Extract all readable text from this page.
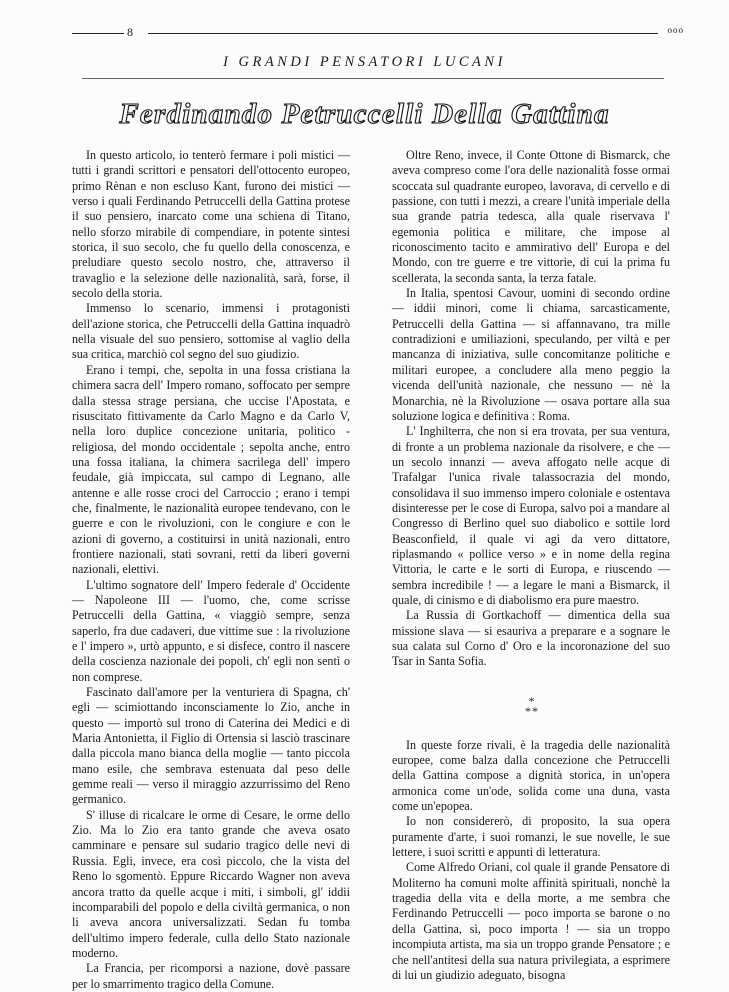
8	ooo
I GRANDI PENSATORI LUCANI
Ferdinando Petruccelli Della Gattina

In questo articolo, io tenterò fermare i poli mistici — tutti i grandi scrittori e pensatori dell'ottocento europeo, primo Rènan e non escluso Kant, furono dei mistici — verso i quali Ferdinando Petruccelli della Gattina protese il suo pensiero, inarcato come una schiena di Titano, nello sforzo mirabile di compendiare, in potente sintesi storica, il suo secolo, che fu quello della conoscenza, e preludiare questo secolo nostro, che, attraverso il travaglio e la selezione delle nazionalità, sarà, forse, il secolo della storia.

Immenso lo scenario, immensi i protagonisti dell'azione storica, che Petruccelli della Gattina inquadrò nella visuale del suo pensiero, sottomise al vaglio della sua critica, marchiò col segno del suo giudizio.

Erano i tempi, che, sepolta in una fossa cristiana la chimera sacra dell' Impero romano, soffocato per sempre dalla stessa strage persiana, che uccise l'Apostata, e risuscitato fittivamente da Carlo Magno e da Carlo V, nella loro duplice concezione unitaria, politico - religiosa, del mondo occidentale ; sepolta anche, entro una fossa italiana, la chimera sacrilega dell' impero feudale, già impiccata, sul campo di Legnano, alle antenne e alle rosse croci del Carroccio ; erano i tempi che, finalmente, le nazionalità europee tendevano, con le guerre e con le rivoluzioni, con le congiure e con le azioni di governo, a costituirsi in unità nazionali, entro frontiere nazionali, stati sovrani, retti da liberi governi nazionali, elettivi.

L'ultimo sognatore dell' Impero federale d' Occidente — Napoleone III — l'uomo, che, come scrisse Petruccelli della Gattina, « viaggiò sempre, senza saperlo, fra due cadaveri, due vittime sue : la rivoluzione e l' impero », urtò appunto, e si disfece, contro il nascere della coscienza nazionale dei popoli, ch' egli non sentì o non comprese.

Fascinato dall'amore per la venturiera di Spagna, ch' egli — scimiottando inconsciamente lo Zio, anche in questo — importò sul trono di Caterina dei Medici e di Maria Antonietta, il Figlio di Ortensia si lasciò trascinare dalla piccola mano bianca della moglie — tanto piccola mano esile, che sembrava estenuata dal peso delle gemme reali — verso il miraggio azzurrissimo del Reno germanico.

S' illuse di ricalcare le orme di Cesare, le orme dello Zio. Ma lo Zio era tanto grande che aveva osato camminare e pensare sul sudario tragico delle nevi di Russia. Egli, invece, era così piccolo, che la vista del Reno lo sgomentò. Eppure Riccardo Wagner non aveva ancora tratto da quelle acque i miti, i simboli, gl' iddii incomparabili del popolo e della civiltà germanica, o non li aveva ancora universalizzati. Sedan fu tomba dell'ultimo impero federale, culla dello Stato nazionale moderno.

La Francia, per ricomporsi a nazione, dovè passare per lo smarrimento tragico della Comune.

Oltre Reno, invece, il Conte Ottone di Bismarck, che aveva compreso come l'ora delle nazionalità fosse ormai scoccata sul quadrante europeo, lavorava, di cervello e di passione, con tutti i mezzi, a creare l'unità imperiale della sua grande patria tedesca, alla quale riservava l' egemonia politica e militare, che impose al riconoscimento tacito e ammirativo dell' Europa e del Mondo, con tre guerre e tre vittorie, di cui la prima fu scellerata, la seconda santa, la terza fatale.

In Italia, spentosi Cavour, uomini di secondo ordine — iddii minori, come li chiama, sarcasticamente, Petruccelli della Gattina — si affannavano, tra mille contradizioni e umiliazioni, speculando, per viltà e per mancanza di iniziativa, sulle concomitanze politiche e militari europee, a concludere alla meno peggio la vicenda dell'unità nazionale, che nessuno — nè la Monarchia, nè la Rivoluzione — osava portare alla sua soluzione logica e definitiva : Roma.

L' Inghilterra, che non si era trovata, per sua ventura, di fronte a un problema nazionale da risolvere, e che — un secolo innanzi — aveva affogato nelle acque di Trafalgar l'unica rivale talassocrazia del mondo, consolidava il suo immenso impero coloniale e ostentava disinteresse per le cose di Europa, salvo poi a mandare al Congresso di Berlino quel suo diabolico e sottile lord Beasconfield, il quale vi agì da vero dittatore, riplasmando « pollice verso » e in nome della regina Vittoria, le carte e le sorti di Europa, e riuscendo — sembra incredibile ! — a legare le mani a Bismarck, il quale, di cinismo e di diabolismo era pure maestro.

La Russia di Gortkachoff — dimentica della sua missione slava — si esauriva a preparare e a sognare le sua calata sul Corno d' Oro e la incoronazione del suo Tsar in Santa Sofia.

*
* *

In queste forze rivali, è la tragedia delle nazionalità europee, come balza dalla concezione che Petruccelli della Gattina compose a dignità storica, in un'opera armonica come un'ode, solida come una duna, vasta come un'epopea.

Io non considererò, di proposito, la sua opera puramente d'arte, i suoi romanzi, le sue novelle, le sue lettere, i suoi scritti e appunti di letteratura.

Come Alfredo Oriani, col quale il grande Pensatore di Moliterno ha comuni molte affinità spirituali, nonchè la tragedia della vita e della morte, a me sembra che Ferdinando Petruccelli — poco importa se barone o no della Gattina, sì, poco importa ! — sia un troppo incompiuta artista, ma sia un troppo grande Pensatore ; e che nell'antitesi della sua natura privilegiata, a esprimere di lui un giudizio adeguato, bisogna
